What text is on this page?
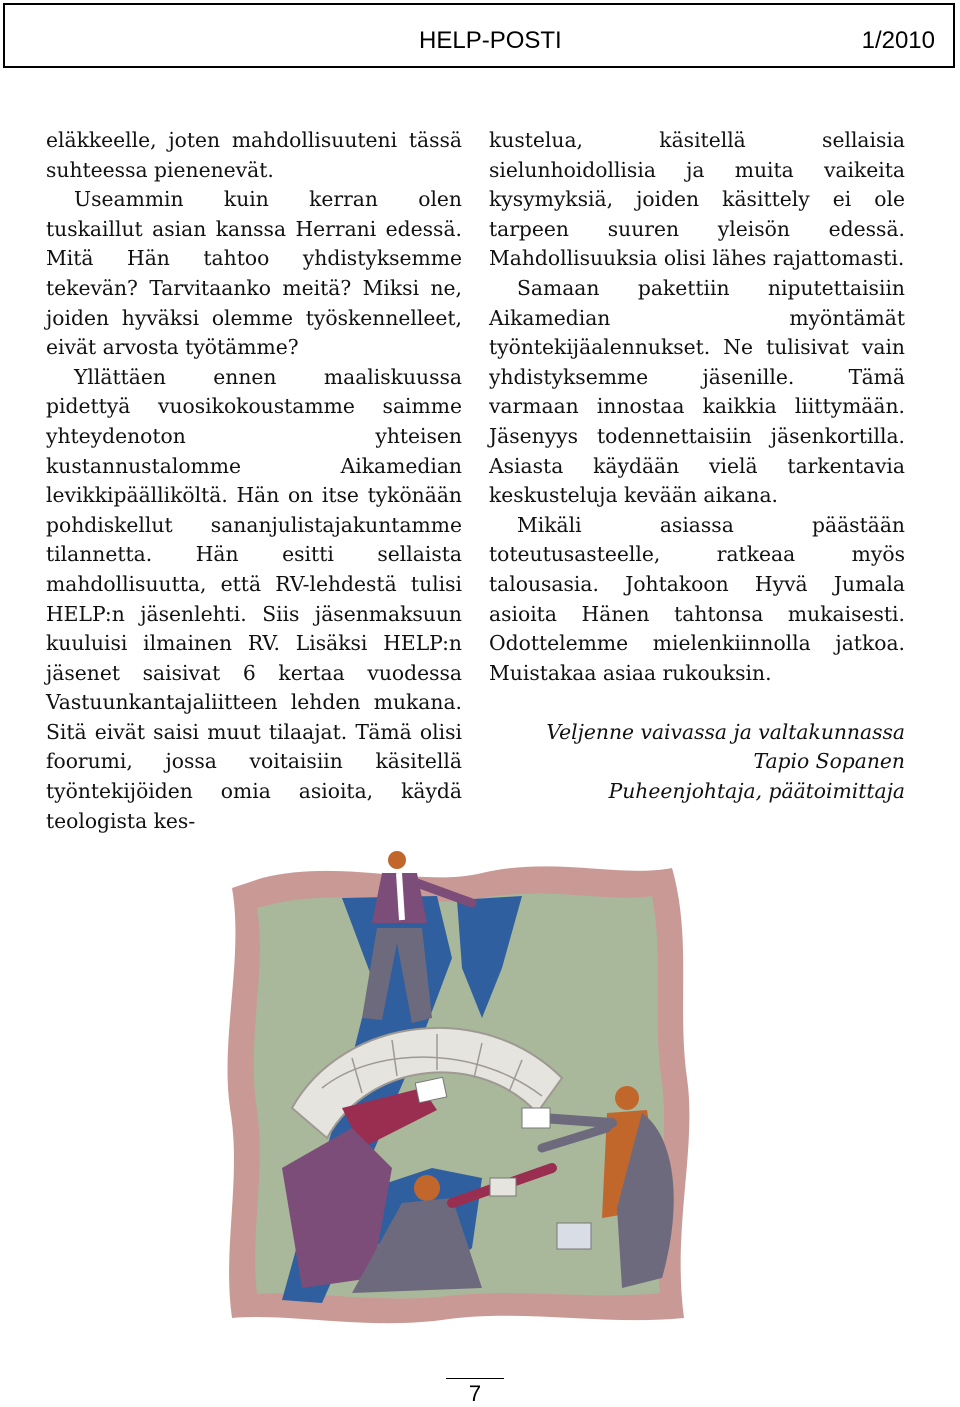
HELP-POSTI	1/2010

eläkkeelle, joten mahdollisuuteni tässä suhteessa pienenevät.

Useammin kuin kerran olen tuskaillut asian kanssa Herrani edessä. Mitä Hän tahtoo yhdistyksemme tekevän? Tarvitaanko meitä? Miksi ne, joiden hyväksi olemme työskennelleet, eivät arvosta työtämme?

Yllättäen ennen maaliskuussa pidettyä vuosikokoustamme saimme yhteydenoton yhteisen kustannustalomme Aikamedian levikkipäälliköltä. Hän on itse tykönään pohdiskellut sananjulistajakuntamme tilannetta. Hän esitti sellaista mahdollisuutta, että RV-lehdestä tulisi HELP:n jäsenlehti. Siis jäsenmaksuun kuuluisi ilmainen RV. Lisäksi HELP:n jäsenet saisivat 6 kertaa vuodessa Vastuunkantajaliitteen lehden mukana. Sitä eivät saisi muut tilaajat. Tämä olisi foorumi, jossa voitaisiin käsitellä työntekijöiden omia asioita, käydä teologista kes-

kustelua, käsitellä sellaisia sielunhoidollisia ja muita vaikeita kysymyksiä, joiden käsittely ei ole tarpeen suuren yleisön edessä. Mahdollisuuksia olisi lähes rajattomasti.

Samaan pakettiin niputettaisiin Aikamedian myöntämät työntekijäalennukset. Ne tulisivat vain yhdistyksemme jäsenille. Tämä varmaan innostaa kaikkia liittymään. Jäsenyys todennettaisiin jäsenkortilla. Asiasta käydään vielä tarkentavia keskusteluja kevään aikana.

Mikäli asiassa päästään toteutusasteelle, ratkeaa myös talousasia. Johtakoon Hyvä Jumala asioita Hänen tahtonsa mukaisesti. Odottelemme mielenkiinnolla jatkoa. Muistakaa asiaa rukouksin.

Veljenne vaivassa ja valtakunnassa
Tapio Sopanen
Puheenjohtaja, päätoimittaja
7
